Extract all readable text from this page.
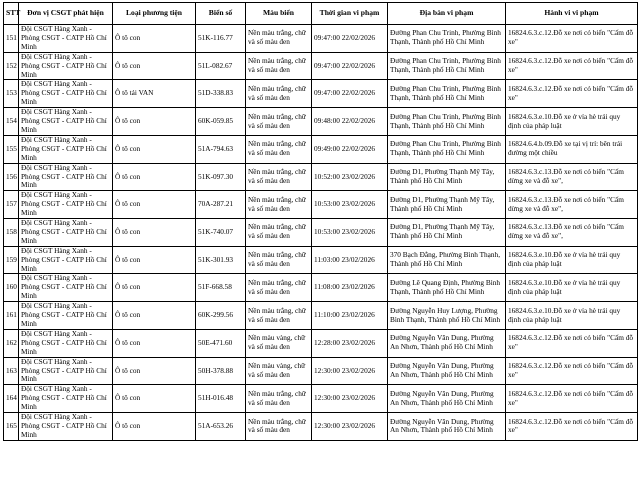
STT	Đơn vị CSGT phát hiện	Loại phương tiện	Biển số	Màu biển	Thời gian vi phạm	Địa bàn vi phạm	Hành vi vi phạm
151	Đội CSGT Hàng Xanh - Phòng CSGT - CATP Hồ Chí Minh	Ô tô con	51K-116.77	Nền màu trắng, chữ và số màu đen	09:47:00 22/02/2026	Đường Phan Chu Trinh, Phường Bình Thạnh, Thành phố Hồ Chí Minh	16824.6.3.c.12.Đỗ xe nơi có biển "Cấm đỗ xe"
152	Đội CSGT Hàng Xanh - Phòng CSGT - CATP Hồ Chí Minh	Ô tô con	51L-082.67	Nền màu trắng, chữ và số màu đen	09:47:00 22/02/2026	Đường Phan Chu Trinh, Phường Bình Thạnh, Thành phố Hồ Chí Minh	16824.6.3.c.12.Đỗ xe nơi có biển "Cấm đỗ xe"
153	Đội CSGT Hàng Xanh - Phòng CSGT - CATP Hồ Chí Minh	Ô tô tải VAN	51D-338.83	Nền màu trắng, chữ và số màu đen	09:47:00 22/02/2026	Đường Phan Chu Trinh, Phường Bình Thạnh, Thành phố Hồ Chí Minh	16824.6.3.c.12.Đỗ xe nơi có biển "Cấm đỗ xe"
154	Đội CSGT Hàng Xanh - Phòng CSGT - CATP Hồ Chí Minh	Ô tô con	60K-059.85	Nền màu trắng, chữ và số màu đen	09:48:00 22/02/2026	Đường Phan Chu Trinh, Phường Bình Thạnh, Thành phố Hồ Chí Minh	16824.6.3.e.10.Đỗ xe ở vỉa hè trái quy định của pháp luật
155	Đội CSGT Hàng Xanh - Phòng CSGT - CATP Hồ Chí Minh	Ô tô con	51A-794.63	Nền màu trắng, chữ và số màu đen	09:49:00 22/02/2026	Đường Phan Chu Trinh, Phường Bình Thạnh, Thành phố Hồ Chí Minh	16824.6.4.b.09.Đỗ xe tại vị trí: bên trái đường một chiều
156	Đội CSGT Hàng Xanh - Phòng CSGT - CATP Hồ Chí Minh	Ô tô con	51K-097.30	Nền màu trắng, chữ và số màu đen	10:52:00 23/02/2026	Đường D1, Phường Thạnh Mỹ Tây, Thành phố Hồ Chí Minh	16824.6.3.c.13.Đỗ xe nơi có biển "Cấm dừng xe và đỗ xe",
157	Đội CSGT Hàng Xanh - Phòng CSGT - CATP Hồ Chí Minh	Ô tô con	70A-287.21	Nền màu trắng, chữ và số màu đen	10:53:00 23/02/2026	Đường D1, Phường Thạnh Mỹ Tây, Thành phố Hồ Chí Minh	16824.6.3.c.13.Đỗ xe nơi có biển "Cấm dừng xe và đỗ xe",
158	Đội CSGT Hàng Xanh - Phòng CSGT - CATP Hồ Chí Minh	Ô tô con	51K-740.07	Nền màu trắng, chữ và số màu đen	10:53:00 23/02/2026	Đường D1, Phường Thạnh Mỹ Tây, Thành phố Hồ Chí Minh	16824.6.3.c.13.Đỗ xe nơi có biển "Cấm dừng xe và đỗ xe",
159	Đội CSGT Hàng Xanh - Phòng CSGT - CATP Hồ Chí Minh	Ô tô con	51K-301.93	Nền màu trắng, chữ và số màu đen	11:03:00 23/02/2026	370 Bạch Đằng, Phường Bình Thạnh, Thành phố Hồ Chí Minh	16824.6.3.e.10.Đỗ xe ở vỉa hè trái quy định của pháp luật
160	Đội CSGT Hàng Xanh - Phòng CSGT - CATP Hồ Chí Minh	Ô tô con	51F-668.58	Nền màu trắng, chữ và số màu đen	11:08:00 23/02/2026	Đường Lê Quang Định, Phường Bình Thạnh, Thành phố Hồ Chí Minh	16824.6.3.e.10.Đỗ xe ở vỉa hè trái quy định của pháp luật
161	Đội CSGT Hàng Xanh - Phòng CSGT - CATP Hồ Chí Minh	Ô tô con	60K-299.56	Nền màu trắng, chữ và số màu đen	11:10:00 23/02/2026	Đường Nguyễn Huy Lượng, Phường Bình Thạnh, Thành phố Hồ Chí Minh	16824.6.3.e.10.Đỗ xe ở vỉa hè trái quy định của pháp luật
162	Đội CSGT Hàng Xanh - Phòng CSGT - CATP Hồ Chí Minh	Ô tô con	50E-471.60	Nền màu vàng, chữ và số màu đen	12:28:00 23/02/2026	Đường Nguyễn Văn Dung, Phường An Nhơn, Thành phố Hồ Chí Minh	16824.6.3.c.12.Đỗ xe nơi có biển "Cấm đỗ xe"
163	Đội CSGT Hàng Xanh - Phòng CSGT - CATP Hồ Chí Minh	Ô tô con	50H-378.88	Nền màu vàng, chữ và số màu đen	12:30:00 23/02/2026	Đường Nguyễn Văn Dung, Phường An Nhơn, Thành phố Hồ Chí Minh	16824.6.3.c.12.Đỗ xe nơi có biển "Cấm đỗ xe"
164	Đội CSGT Hàng Xanh - Phòng CSGT - CATP Hồ Chí Minh	Ô tô con	51H-016.48	Nền màu trắng, chữ và số màu đen	12:30:00 23/02/2026	Đường Nguyễn Văn Dung, Phường An Nhơn, Thành phố Hồ Chí Minh	16824.6.3.c.12.Đỗ xe nơi có biển "Cấm đỗ xe"
165	Đội CSGT Hàng Xanh - Phòng CSGT - CATP Hồ Chí Minh	Ô tô con	51A-653.26	Nền màu trắng, chữ và số màu đen	12:30:00 23/02/2026	Đường Nguyễn Văn Dung, Phường An Nhơn, Thành phố Hồ Chí Minh	16824.6.3.c.12.Đỗ xe nơi có biển "Cấm đỗ xe"
